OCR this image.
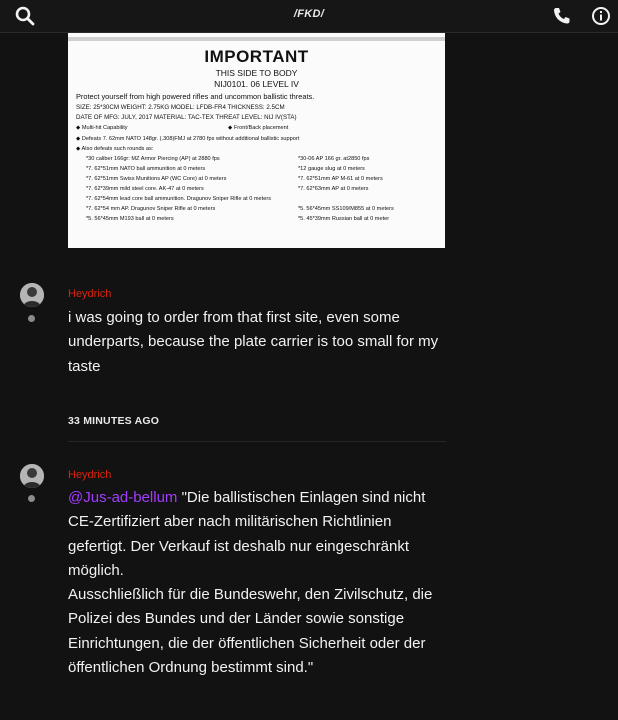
/FKD/
IMPORTANT
THIS SIDE TO BODY
NIJ0101. 06 LEVEL IV
Protect yourself from high powered rifles and uncommon ballistic threats.
SIZE: 25*30CM WEIGHT: 2.75KG MODEL: LFDB-FR4 THICKNESS: 2.5CM
DATE OF MFG: JULY, 2017 MATERIAL: TAC-TEX THREAT LEVEL: NIJ IV(STA)
◆ Multi-hit Capability	◆ Front/Back placement
◆ Defeats 7. 62mm NATO 148gr. (.308)FMJ at 2780 fps without additional ballistic support
◆ Also defeats such rounds as:
*30 caliber 166gr: MZ Armor Piercing (AP) at 2880 fps
*7. 62*51mm NATO ball ammunition at 0 meters
*7. 62*51mm Swiss Munitions AP (WC Core) at 0 meters
*7. 62*39mm mild steel core. AK-47 at 0 meters
*7. 62*54mm lead core ball ammunition. Dragunov Sniper Rifle at 0 meters
*7. 62*54 mm AP. Dragunov Sniper Rifle at 0 meters
*5. 56*45mm M193 ball at 0 meters
*30-06 AP 166 gr. at2850 fps
*12 gauge slug at 0 meters
*7. 62*51mm AP M-61 at 0 meters
*7. 62*63mm AP at 0 meters
*5. 56*45mm SS109/M855 at 0 meters
*5. 45*39mm Russian ball at 0 meter
Heydrich
i was going to order from that first site, even some underparts, because the plate carrier is too small for my taste
33 MINUTES AGO
Heydrich
@Jus-ad-bellum "Die ballistischen Einlagen sind nicht CE-Zertifiziert aber nach militärischen Richtlinien gefertigt. Der Verkauf ist deshalb nur eingeschränkt möglich.
Ausschließlich für die Bundeswehr, den Zivilschutz, die Polizei des Bundes und der Länder sowie sonstige Einrichtungen, die der öffentlichen Sicherheit oder der öffentlichen Ordnung bestimmt sind."
